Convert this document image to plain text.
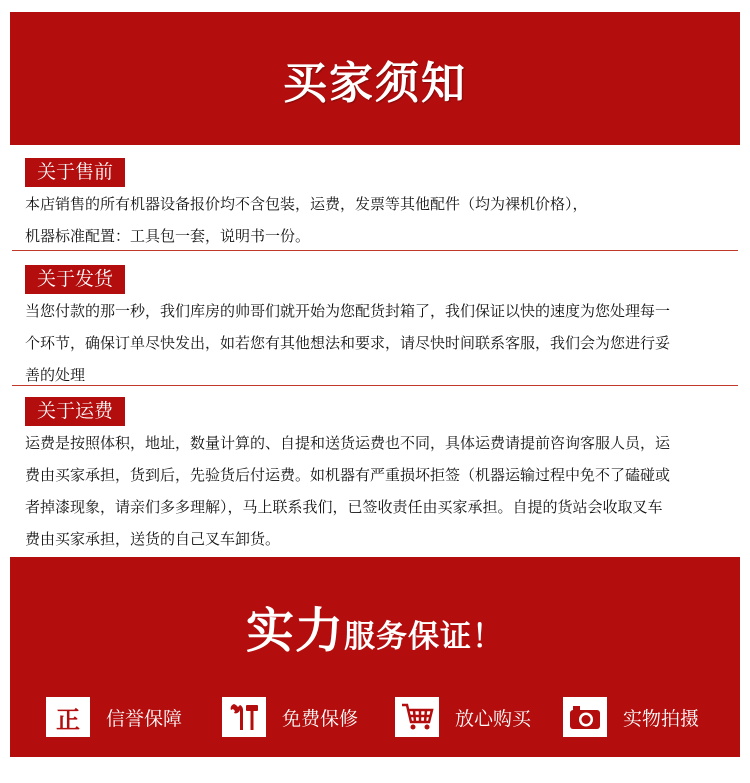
买家须知
关于售前
本店销售的所有机器设备报价均不含包装，运费，发票等其他配件（均为裸机价格），
机器标准配置：工具包一套，说明书一份。
关于发货
当您付款的那一秒，我们库房的帅哥们就开始为您配货封箱了，我们保证以快的速度为您处理每一
个环节，确保订单尽快发出，如若您有其他想法和要求，请尽快时间联系客服，我们会为您进行妥
善的处理
关于运费
运费是按照体积，地址，数量计算的、自提和送货运费也不同，具体运费请提前咨询客服人员，运
费由买家承担，货到后，先验货后付运费。如机器有严重损坏拒签（机器运输过程中免不了磕碰或
者掉漆现象，请亲们多多理解），马上联系我们，已签收责任由买家承担。自提的货站会收取叉车
费由买家承担，送货的自己叉车卸货。
实力服务保证！
正 信誉保障	免费保修	放心购买	实物拍摄
